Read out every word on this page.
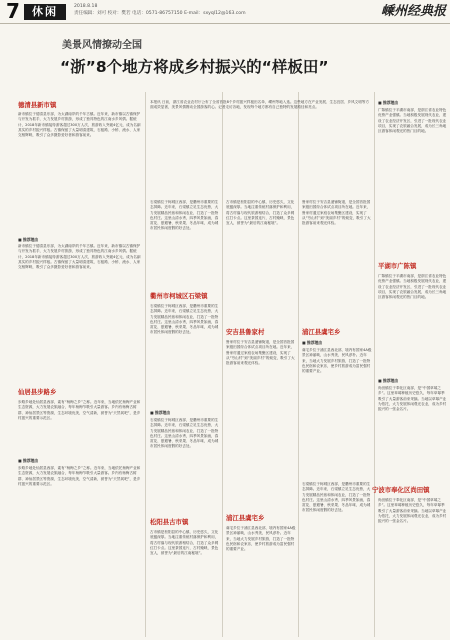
7	休闲	2018.8.18
责任编辑：刘可 校对：樊若 电话：0571-86757150 E-mail：sxyql12@163.com	嵊州经典报
美景风情撩动全国
“浙”8个地方将成乡村振兴的“样板田”
本报讯 日前，浙江省农业农村厅公布了全省首批8个乡村振兴样板田名单，嵊州等地入选。这些地方在产业发展、生态宜居、乡风文明等方面成效显著，美景风情撩动全国游客的心。记者走访各地，发现每个地方都有自己独特的发展路径和亮点。
德清县新市镇
新市镇位于德清县东部，为太湖南岸的千年古镇。近年来，新市镇以古镇保护与开发为抓手，大力发展乡村旅游，形成了独具特色的江南水乡风情。据统计，2018年新市镇接待游客超过300万人次，旅游收入突破4亿元，成为名副其实的乡村振兴样板。古镇保留了大量明清建筑，石板路、小桥、流水、人家交相辉映，吸引了众多摄影爱好者和游客前来。
■ 推荐理由
新市镇位于德清县东部，为太湖南岸的千年古镇。近年来，新市镇以古镇保护与开发为抓手，大力发展乡村旅游，形成了独具特色的江南水乡风情。据统计，2018年新市镇接待游客超过300万人次，旅游收入突破4亿元，成为名副其实的乡村振兴样板。古镇保留了大量明清建筑，石板路、小桥、流水、人家交相辉映，吸引了众多摄影爱好者和游客前来。
仙居县步路乡
步路乡地处仙居县西部，素有“杨梅之乡”之称。近年来，当地依托杨梅产业和生态资源，大力发展农旅融合，每年杨梅节吸引大量游客。乡内有杨梅古树群、神仙居景区等资源，生态环境优美，空气清新，被誉为“天然氧吧”，是乡村振兴的重要示范区。
■ 推荐理由
步路乡地处仙居县西部，素有“杨梅之乡”之称。近年来，当地依托杨梅产业和生态资源，大力发展农旅融合，每年杨梅节吸引大量游客。乡内有杨梅古树群、神仙居景区等资源，生态环境优美，空气清新，被誉为“天然氧吧”，是乡村振兴的重要示范区。
石梁镇位于柯城区西部，是衢州市重要的生态屏障。近年来，石梁镇立足生态优势，大力发展精品民宿和休闲农业，打造了一批特色村庄。这里山清水秀，四季风景如画，春赏花、夏避暑、秋采果、冬品年味，成为城市居民休闲度假的好去处。
衢州市柯城区石梁镇
石梁镇位于柯城区西部，是衢州市重要的生态屏障。近年来，石梁镇立足生态优势，大力发展精品民宿和休闲农业，打造了一批特色村庄。这里山清水秀，四季风景如画，春赏花、夏避暑、秋采果、冬品年味，成为城市居民休闲度假的好去处。
■ 推荐理由
石梁镇位于柯城区西部，是衢州市重要的生态屏障。近年来，石梁镇立足生态优势，大力发展精品民宿和休闲农业，打造了一批特色村庄。这里山清水秀，四季风景如画，春赏花、夏避暑、秋采果、冬品年味，成为城市居民休闲度假的好去处。
松阳县古市镇
古市镇是松阳县的中心镇，历史悠久，文化底蕴深厚。当地注重传统村落保护和利用，将古村落与现代旅游相结合，打造了众多网红打卡点。这里茶园连片，古村掩映，景色宜人，被誉为“最后的江南秘境”。
古市镇是松阳县的中心镇，历史悠久，文化底蕴深厚。当地注重传统村落保护和利用，将古村落与现代旅游相结合，打造了众多网红打卡点。这里茶园连片，古村掩映，景色宜人，被誉为“最后的江南秘境”。
安吉县鲁家村
鲁家村位于安吉县递铺街道，是全国首批国家级田园综合体试点项目所在地。近年来，鲁家村通过家庭农场集聚区建设，实现了从“穷山村”到“美丽乡村”的蜕变，吸引了大批游客前来观光体验。
浦江县虞宅乡
虞宅乡位于浦江县西北部，境内有国家4A级景区神丽峡，山水秀美，民风淳朴。近年来，当地大力发展乡村旅游，打造了一批特色民宿和农家乐，使乡村旅游成为富民强村的重要产业。
鲁家村位于安吉县递铺街道，是全国首批国家级田园综合体试点项目所在地。近年来，鲁家村通过家庭农场集聚区建设，实现了从“穷山村”到“美丽乡村”的蜕变，吸引了大批游客前来观光体验。
浦江县虞宅乡
■ 推荐理由
虞宅乡位于浦江县西北部，境内有国家4A级景区神丽峡，山水秀美，民风淳朴。近年来，当地大力发展乡村旅游，打造了一批特色民宿和农家乐，使乡村旅游成为富民强村的重要产业。
石梁镇位于柯城区西部，是衢州市重要的生态屏障。近年来，石梁镇立足生态优势，大力发展精品民宿和休闲农业，打造了一批特色村庄。这里山清水秀，四季风景如画，春赏花、夏避暑、秋采果、冬品年味，成为城市居民休闲度假的好去处。
■ 推荐理由
广陈镇位于平湖市南部，是浙江省农业特色优势产业强镇。当地积极发展现代农业，建设了农业经济开发区，引进了一批现代农业项目，实现了农旅融合发展，成为长三角地区游客休闲观光的热门目的地。
平湖市广陈镇
广陈镇位于平湖市南部，是浙江省农业特色优势产业强镇。当地积极发展现代农业，建设了农业经济开发区，引进了一批现代农业项目，实现了农旅融合发展，成为长三角地区游客休闲观光的热门目的地。
■ 推荐理由
尚田镇位于奉化区南部，是“中国草莓之乡”。这里草莓种植历史悠久，每年草莓季吸引了大量游客前来采摘。当地以草莓产业为依托，大力发展休闲观光农业，成为乡村振兴的一张金名片。
宁波市奉化区尚田镇
尚田镇位于奉化区南部，是“中国草莓之乡”。这里草莓种植历史悠久，每年草莓季吸引了大量游客前来采摘。当地以草莓产业为依托，大力发展休闲观光农业，成为乡村振兴的一张金名片。
